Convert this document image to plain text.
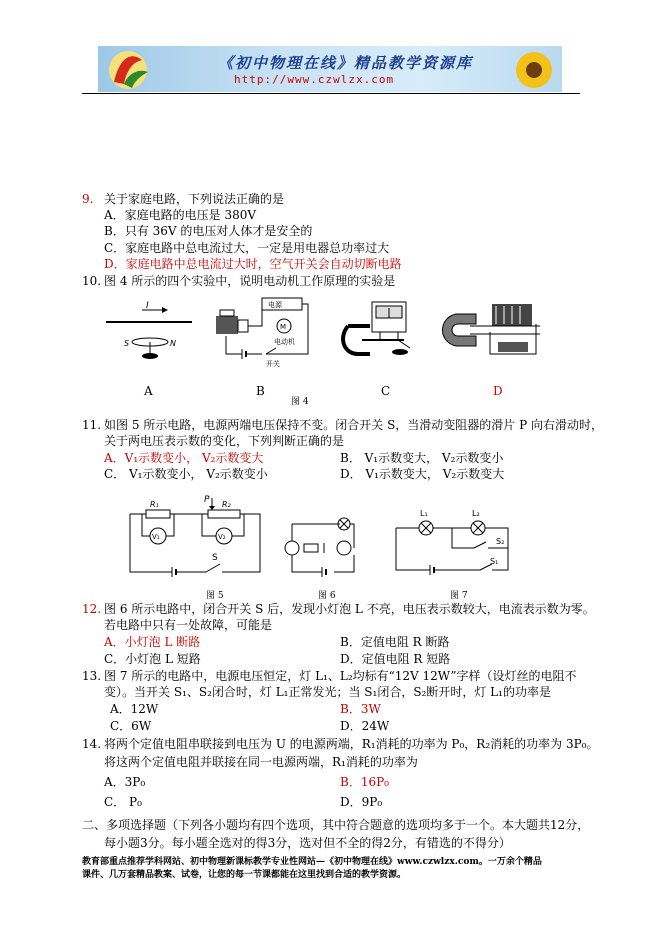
《初中物理在线》精品教学资源库
http://www.czwlzx.com
9. 关于家庭电路，下列说法正确的是
A．家庭电路的电压是 380V
B．只有 36V 的电压对人体才是安全的
C．家庭电路中总电流过大，一定是用电器总功率过大
D．家庭电路中总电流过大时，空气开关会自动切断电路
10. 图 4 所示的四个实验中，说明电动机工作原理的实验是
I
S	N
电源
M
电动机
开关
A	B	C	D
图 4
11. 如图 5 所示电路，电源两端电压保持不变。闭合开关 S，当滑动变阻器的滑片 P 向右滑动时，
关于两电压表示数的变化，下列判断正确的是
A．V₁示数变小， V₂示数变大	B． V₁示数变大， V₂示数变小
C． V₁示数变小， V₂示数变小	D． V₁示数变大， V₂示数变大
P
R₁	R₂
V₁	V₂
S
L₁	L₂
S₁
S₂
图 5	图 6	图 7
12. 图 6 所示电路中，闭合开关 S 后，发现小灯泡 L 不亮，电压表示数较大，电流表示数为零。
若电路中只有一处故障，可能是
A．小灯泡 L 断路	B．定值电阻 R 断路
C．小灯泡 L 短路	D．定值电阻 R 短路
13. 图 7 所示的电路中，电源电压恒定，灯 L₁、L₂均标有“12V 12W”字样（设灯丝的电阻不
变）。当开关 S₁、S₂闭合时，灯 L₁正常发光；当 S₁闭合，S₂断开时，灯 L₁的功率是
A．12W	B．3W
C．6W	D．24W
14. 将两个定值电阻串联接到电压为 U 的电源两端，R₁消耗的功率为 P₀，R₂消耗的功率为 3P₀。
将这两个定值电阻并联接在同一电源两端，R₁消耗的功率为
A．3P₀	B．16P₀
C． P₀	D．9P₀
二、多项选择题（下列各小题均有四个选项，其中符合题意的选项均多于一个。本大题共12分，
每小题3分。每小题全选对的得3分，选对但不全的得2分，有错选的不得分）
教育部重点推荐学科网站、初中物理新课标教学专业性网站—《初中物理在线》www.czwlzx.com。一万余个精品
课件、几万套精品教案、试卷，让您的每一节课都能在这里找到合适的教学资源。
